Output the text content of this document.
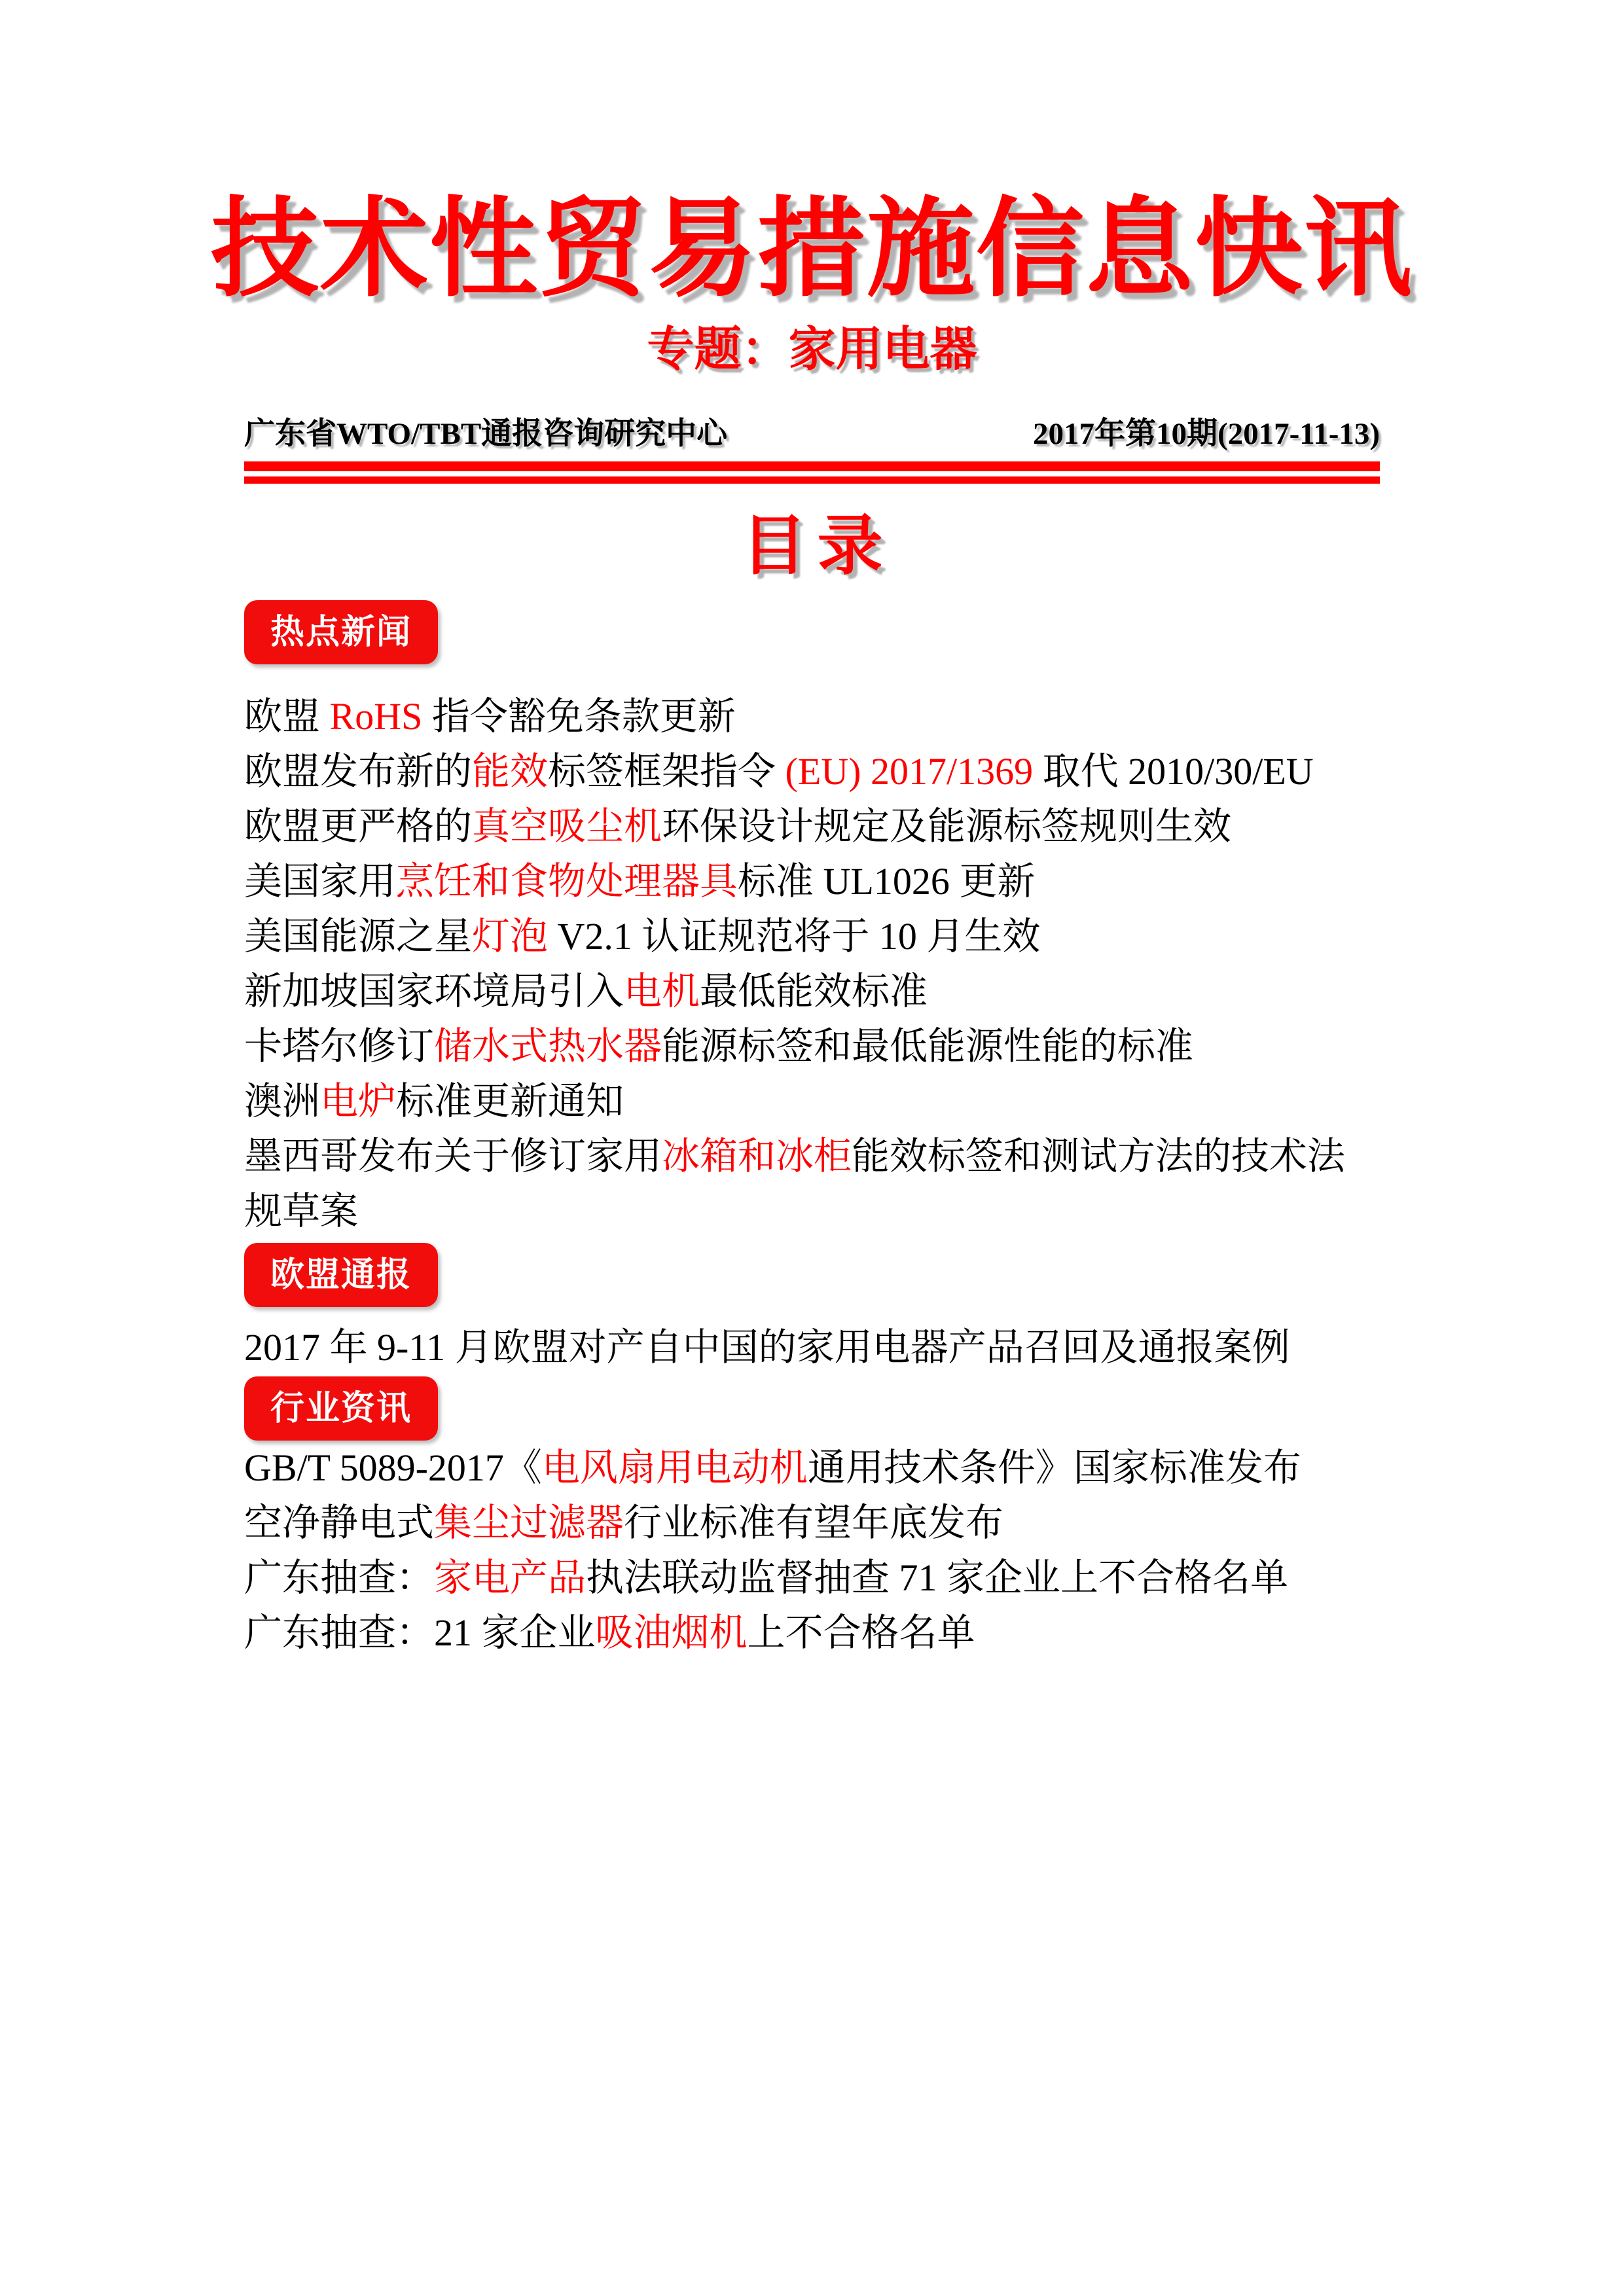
技术性贸易措施信息快讯
专题：家用电器
广东省WTO/TBT通报咨询研究中心	2017年第10期(2017-11-13)
目录
热点新闻

欧盟 RoHS 指令豁免条款更新

欧盟发布新的能效标签框架指令 (EU) 2017/1369 取代 2010/30/EU

欧盟更严格的真空吸尘机环保设计规定及能源标签规则生效

美国家用烹饪和食物处理器具标准 UL1026 更新

美国能源之星灯泡 V2.1 认证规范将于 10 月生效

新加坡国家环境局引入电机最低能效标准

卡塔尔修订储水式热水器能源标签和最低能源性能的标准

澳洲电炉标准更新通知

墨西哥发布关于修订家用冰箱和冰柜能效标签和测试方法的技术法规草案

欧盟通报

2017 年 9-11 月欧盟对产自中国的家用电器产品召回及通报案例

行业资讯

GB/T 5089-2017《电风扇用电动机通用技术条件》国家标准发布

空净静电式集尘过滤器行业标准有望年底发布

广东抽查：家电产品执法联动监督抽查 71 家企业上不合格名单

广东抽查：21 家企业吸油烟机上不合格名单
